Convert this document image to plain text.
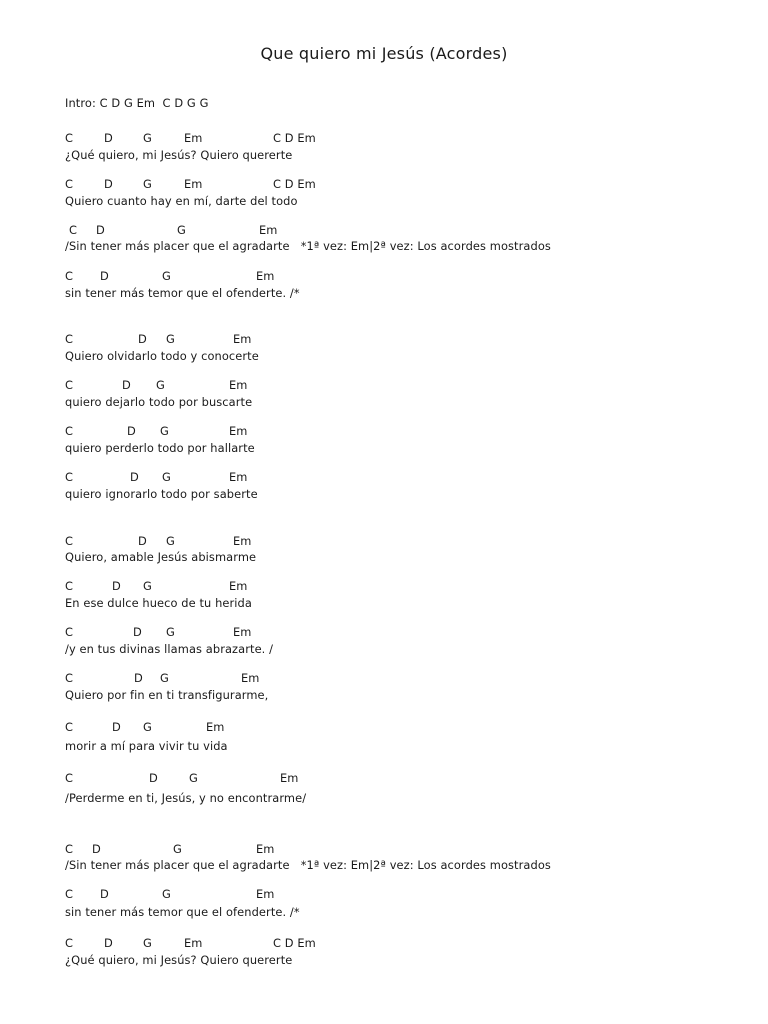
Que quiero mi Jesús (Acordes)
Intro: C D G Em  C D G G
C	D	G	Em	C D Em
¿Qué quiero, mi Jesús? Quiero quererte
C	D	G	Em	C D Em
Quiero cuanto hay en mí, darte del todo
C D	G	Em
/Sin tener más placer que el agradarte   *1ª vez: Em|2ª vez: Los acordes mostrados
C D	G	Em
sin tener más temor que el ofenderte. /*
C	D G	Em
Quiero olvidarlo todo y conocerte
C	D G	Em
quiero dejarlo todo por buscarte
C	D G	Em
quiero perderlo todo por hallarte
C	D G	Em
quiero ignorarlo todo por saberte
C	D G	Em
Quiero, amable Jesús abismarme
C	D G	Em
En ese dulce hueco de tu herida
C	D G	Em
/y en tus divinas llamas abrazarte. /
C	D G	Em
Quiero por fin en ti transfigurarme,
C	D G	Em
morir a mí para vivir tu vida
C	D	G	Em
/Perderme en ti, Jesús, y no encontrarme/
C D	G	Em
/Sin tener más placer que el agradarte   *1ª vez: Em|2ª vez: Los acordes mostrados
C D	G	Em
sin tener más temor que el ofenderte. /*
C	D	G	Em	C D Em
¿Qué quiero, mi Jesús? Quiero quererte
